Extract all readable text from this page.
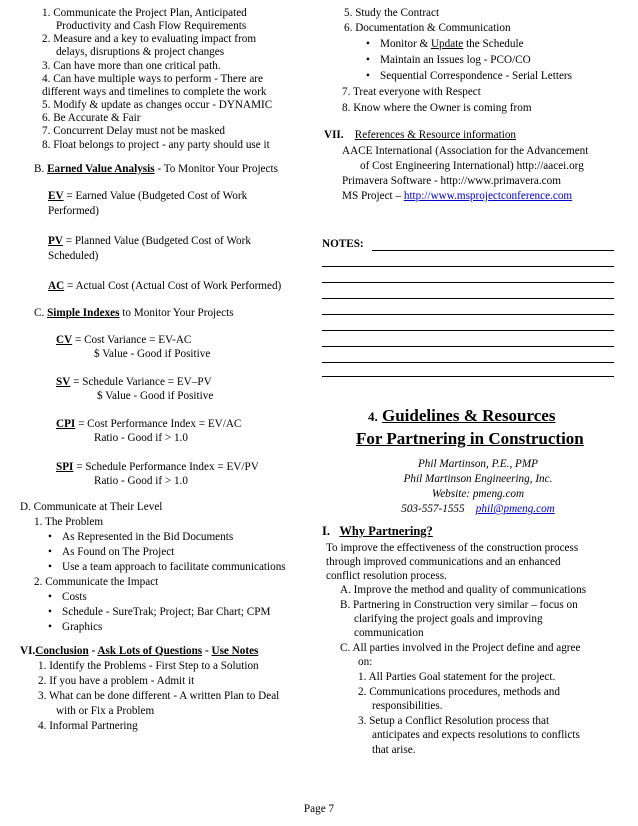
1. Communicate the Project Plan, Anticipated
Productivity and Cash Flow Requirements
2. Measure and a key to evaluating impact from
delays, disruptions & project changes
3. Can have more than one critical path.
4. Can have multiple ways to perform - There are
different ways and timelines to complete the work
5. Modify & update as changes occur - DYNAMIC
6. Be Accurate & Fair
7. Concurrent Delay must not be masked
8. Float belongs to project - any party should use it
B. Earned Value Analysis - To Monitor Your Projects
EV = Earned Value (Budgeted Cost of Work
Performed)
PV = Planned Value (Budgeted Cost of Work
Scheduled)
AC = Actual Cost (Actual Cost of Work Performed)
C. Simple Indexes to Monitor Your Projects
CV = Cost Variance = EV-AC
$ Value - Good if Positive
SV = Schedule Variance = EV–PV
$ Value - Good if Positive
CPI = Cost Performance Index = EV/AC
Ratio - Good if > 1.0
SPI = Schedule Performance Index = EV/PV
Ratio - Good if > 1.0
D. Communicate at Their Level
1. The Problem
• As Represented in the Bid Documents
• As Found on The Project
• Use a team approach to facilitate communications
2. Communicate the Impact
• Costs
• Schedule - SureTrak; Project; Bar Chart; CPM
• Graphics
VI.Conclusion - Ask Lots of Questions - Use Notes
1. Identify the Problems - First Step to a Solution
2. If you have a problem - Admit it
3. What can be done different - A written Plan to Deal
with or Fix a Problem
4. Informal Partnering
5. Study the Contract
6. Documentation & Communication
• Monitor & Update the Schedule
• Maintain an Issues log - PCO/CO
• Sequential Correspondence - Serial Letters
7. Treat everyone with Respect
8. Know where the Owner is coming from
VII. References & Resource information
AACE International (Association for the Advancement
of Cost Engineering International) http://aacei.org
Primavera Software - http://www.primavera.com
MS Project – http://www.msprojectconference.com
NOTES:
4. Guidelines & Resources
For Partnering in Construction
Phil Martinson, P.E., PMP
Phil Martinson Engineering, Inc.
Website: pmeng.com
503-557-1555 phil@pmeng.com
I. Why Partnering?
To improve the effectiveness of the construction process
through improved communications and an enhanced
conflict resolution process.
A. Improve the method and quality of communications
B. Partnering in Construction very similar – focus on
clarifying the project goals and improving
communication
C. All parties involved in the Project define and agree
on:
1. All Parties Goal statement for the project.
2. Communications procedures, methods and
responsibilities.
3. Setup a Conflict Resolution process that
anticipates and expects resolutions to conflicts
that arise.
Page 7
